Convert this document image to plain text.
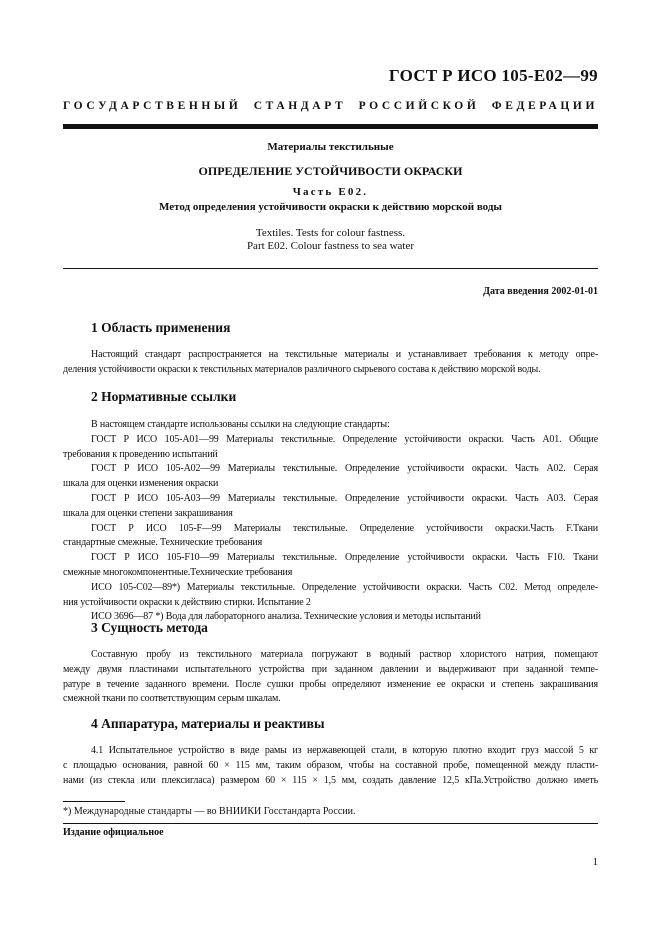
ГОСТ Р ИСО 105-Е02—99
ГОСУДАРСТВЕННЫЙ СТАНДАРТ РОССИЙСКОЙ ФЕДЕРАЦИИ
Материалы текстильные
ОПРЕДЕЛЕНИЕ УСТОЙЧИВОСТИ ОКРАСКИ
Часть Е02.
Метод определения устойчивости окраски к действию морской воды
Textiles. Tests for colour fastness.
Part E02. Colour fastness to sea water
Дата введения 2002-01-01
1 Область применения
Настоящий стандарт распространяется на текстильные материалы и устанавливает требования к методу опре-
деления устойчивости окраски к текстильных материалов различного сырьевого состава к действию морской воды.
2 Нормативные ссылки
В настоящем стандарте использованы ссылки на следующие стандарты:
ГОСТ Р ИСО 105-А01—99 Материалы текстильные. Определение устойчивости окраски. Часть А01. Общие
требования к проведению испытаний
ГОСТ Р ИСО 105-А02—99 Материалы текстильные. Определение устойчивости окраски. Часть А02. Серая
шкала для оценки изменения окраски
ГОСТ Р ИСО 105-А03—99 Материалы текстильные. Определение устойчивости окраски. Часть А03. Серая
шкала для оценки степени закрашивания
ГОСТ Р ИСО 105-F—99 Материалы текстильные. Определение устойчивости окраски.Часть F.Ткани
стандартные смежные. Технические требования
ГОСТ Р ИСО 105-F10—99 Материалы текстильные. Определение устойчивости окраски. Часть F10. Ткани
смежные многокомпонентные.Технические требования
ИСО 105-С02—89*) Материалы текстильные. Определение устойчивости окраски. Часть С02. Метод определе-
ния устойчивости окраски к действию стирки. Испытание 2
ИСО 3696—87 *) Вода для лабораторного анализа. Технические условия и методы испытаний
3 Сущность метода
Составную пробу из текстильного материала погружают в водный раствор хлористого натрия, помещают
между двумя пластинами испытательного устройства при заданном давлении и выдерживают при заданной темпе-
ратуре в течение заданного времени. После сушки пробы определяют изменение ее окраски и степень закрашивания
смежной ткани по соответствующим серым шкалам.
4 Аппаратура, материалы и реактивы
4.1 Испытательное устройство в виде рамы из нержавеющей стали, в которую плотно входит груз массой 5 кг
с площадью основания, равной 60 × 115 мм, таким образом, чтобы на составной пробе, помещенной между пласти-
нами (из стекла или плексигласа) размером 60 × 115 × 1,5 мм, создать давление 12,5 кПа.Устройство должно иметь
*) Международные стандарты — во ВНИИКИ Госстандарта России.
Издание официальное
1
